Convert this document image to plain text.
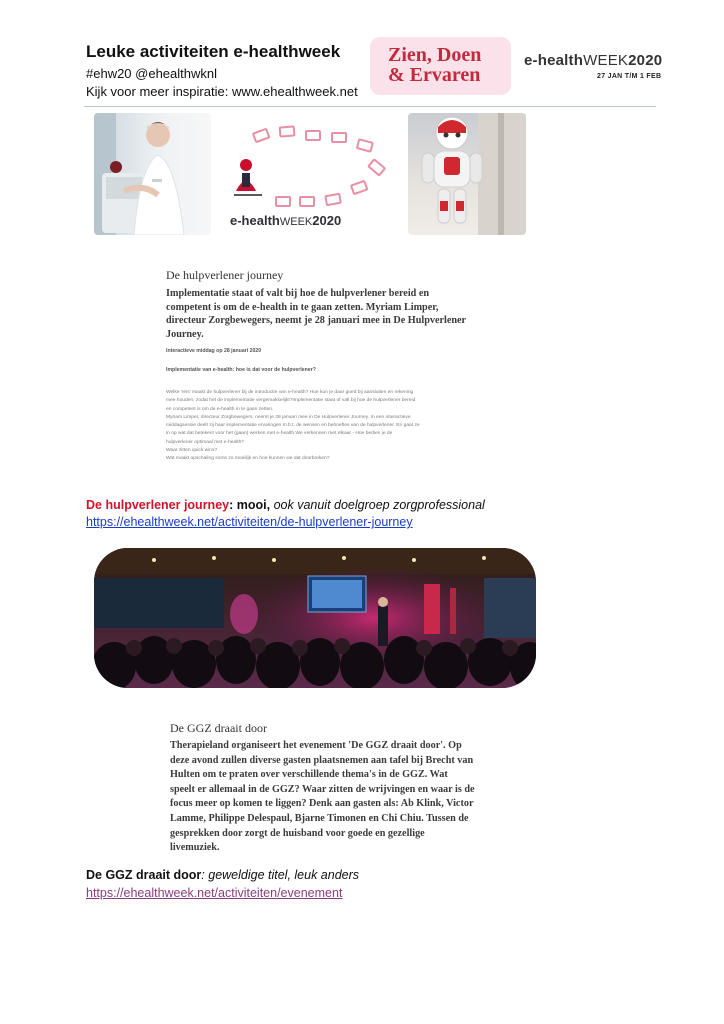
Leuke activiteiten e-healthweek
#ehw20 @ehealthwknl
Kijk voor meer inspiratie: www.ehealthweek.net
Zien, Doen
& Ervaren
e-healthWEEK2020
27 JAN T/M 1 FEB
e-healthWEEK2020
De hulpverlener journey
Implementatie staat of valt bij hoe de hulpverlener bereid en competent is om de e-health in te gaan zetten. Myriam Limper, directeur Zorgbewegers, neemt je 28 januari mee in De Hulpverlener Journey.
Interactieve middag op 28 januari 2020
Implementatie van e-health: hoe is dat voor de hulpverlener?
Welke 'reis' maakt de hulpverlener bij de introductie van e-health? Hoe kun je daar goed bij aansluiten en rekening
mee houden, zodat het de implementatie vergemakkelijkt?Implementatie staat of valt bij hoe de hulpverlener bereid
en competent is om de e-health in te gaan zetten.
Myriam Limper, directeur Zorgbewegers, neemt je 28 januari mee in De Hulpverlener Journey. In een interactieve
middagsessie deelt zij haar implementatie ervaringen m.b.t. de wensen en behoeftes van de hulpverlener. En gaat ze
in op wat dat betekent voor het (gaan) werken met e-health.We verkennen met elkaar - Hoe bedien je de
hulpverlener optimaal met e-health?
Waar zitten quick wins?
Wat maakt opschaling soms zo moeilijk en hoe kunnen we dat doorbreken?
De hulpverlener journey: mooi, ook vanuit doelgroep zorgprofessional
https://ehealthweek.net/activiteiten/de-hulpverlener-journey
De GGZ draait door
Therapieland organiseert het evenement 'De GGZ draait door'. Op
deze avond zullen diverse gasten plaatsnemen aan tafel bij Brecht van
Hulten om te praten over verschillende thema's in de GGZ. Wat
speelt er allemaal in de GGZ? Waar zitten de wrijvingen en waar is de
focus meer op komen te liggen? Denk aan gasten als: Ab Klink, Victor
Lamme, Philippe Delespaul, Bjarne Timonen en Chi Chiu. Tussen de
gesprekken door zorgt de huisband voor goede en gezellige
livemuziek.
De GGZ draait door: geweldige titel, leuk anders
https://ehealthweek.net/activiteiten/evenement
